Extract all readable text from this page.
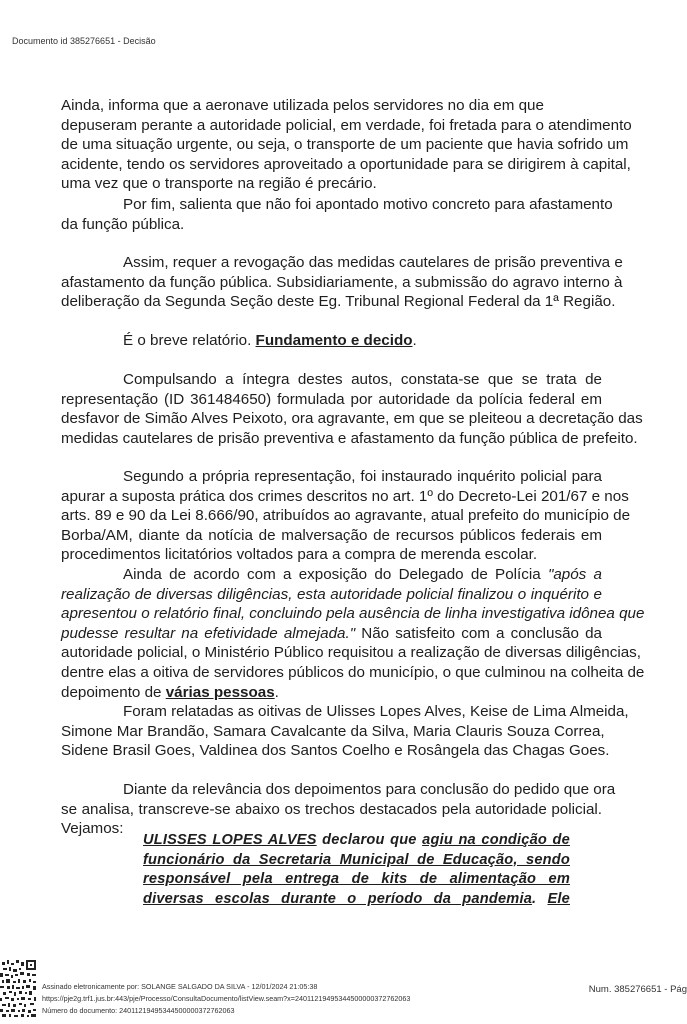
Documento id 385276651 - Decisão
Ainda, informa que a aeronave utilizada pelos servidores no dia em que
depuseram perante a autoridade policial, em verdade, foi fretada para o atendimento
de uma situação urgente, ou seja, o transporte de um paciente que havia sofrido um
acidente, tendo os servidores aproveitado a oportunidade para se dirigirem à capital,
uma vez que o transporte na região é precário.
Por fim, salienta que não foi apontado motivo concreto para afastamento
da função pública.
Assim, requer a revogação das medidas cautelares de prisão preventiva e
afastamento da função pública. Subsidiariamente, a submissão do agravo interno à
deliberação da Segunda Seção deste Eg. Tribunal Regional Federal da 1ª Região.
É o breve relatório. Fundamento e decido.
Compulsando a íntegra destes autos, constata-se que se trata de
representação (ID 361484650) formulada por autoridade da polícia federal em
desfavor de Simão Alves Peixoto, ora agravante, em que se pleiteou a decretação das
medidas cautelares de prisão preventiva e afastamento da função pública de prefeito.
Segundo a própria representação, foi instaurado inquérito policial para
apurar a suposta prática dos crimes descritos no art. 1º do Decreto-Lei 201/67 e nos
arts. 89 e 90 da Lei 8.666/90, atribuídos ao agravante, atual prefeito do município de
Borba/AM, diante da notícia de malversação de recursos públicos federais em
procedimentos licitatórios voltados para a compra de merenda escolar.
Ainda de acordo com a exposição do Delegado de Polícia "após a
realização de diversas diligências, esta autoridade policial finalizou o inquérito e
apresentou o relatório final, concluindo pela ausência de linha investigativa idônea que
pudesse resultar na efetividade almejada." Não satisfeito com a conclusão da
autoridade policial, o Ministério Público requisitou a realização de diversas diligências,
dentre elas a oitiva de servidores públicos do município, o que culminou na colheita de
depoimento de várias pessoas.
Foram relatadas as oitivas de Ulisses Lopes Alves, Keise de Lima Almeida,
Simone Mar Brandão, Samara Cavalcante da Silva, Maria Clauris Souza Correa,
Sidene Brasil Goes, Valdinea dos Santos Coelho e Rosângela das Chagas Goes.
Diante da relevância dos depoimentos para conclusão do pedido que ora
se analisa, transcreve-se abaixo os trechos destacados pela autoridade policial.
Vejamos:
ULISSES LOPES ALVES declarou que agiu na condição de
funcionário da Secretaria Municipal de Educação, sendo
responsável pela entrega de kits de alimentação em
diversas escolas durante o período da pandemia. Ele
Assinado eletronicamente por: SOLANGE SALGADO DA SILVA - 12/01/2024 21:05:38
https://pje2g.trf1.jus.br:443/pje/Processo/ConsultaDocumento/listView.seam?x=24011219495344500000372762063
Número do documento: 24011219495344500000372762063
Num. 385276651 - Pág
